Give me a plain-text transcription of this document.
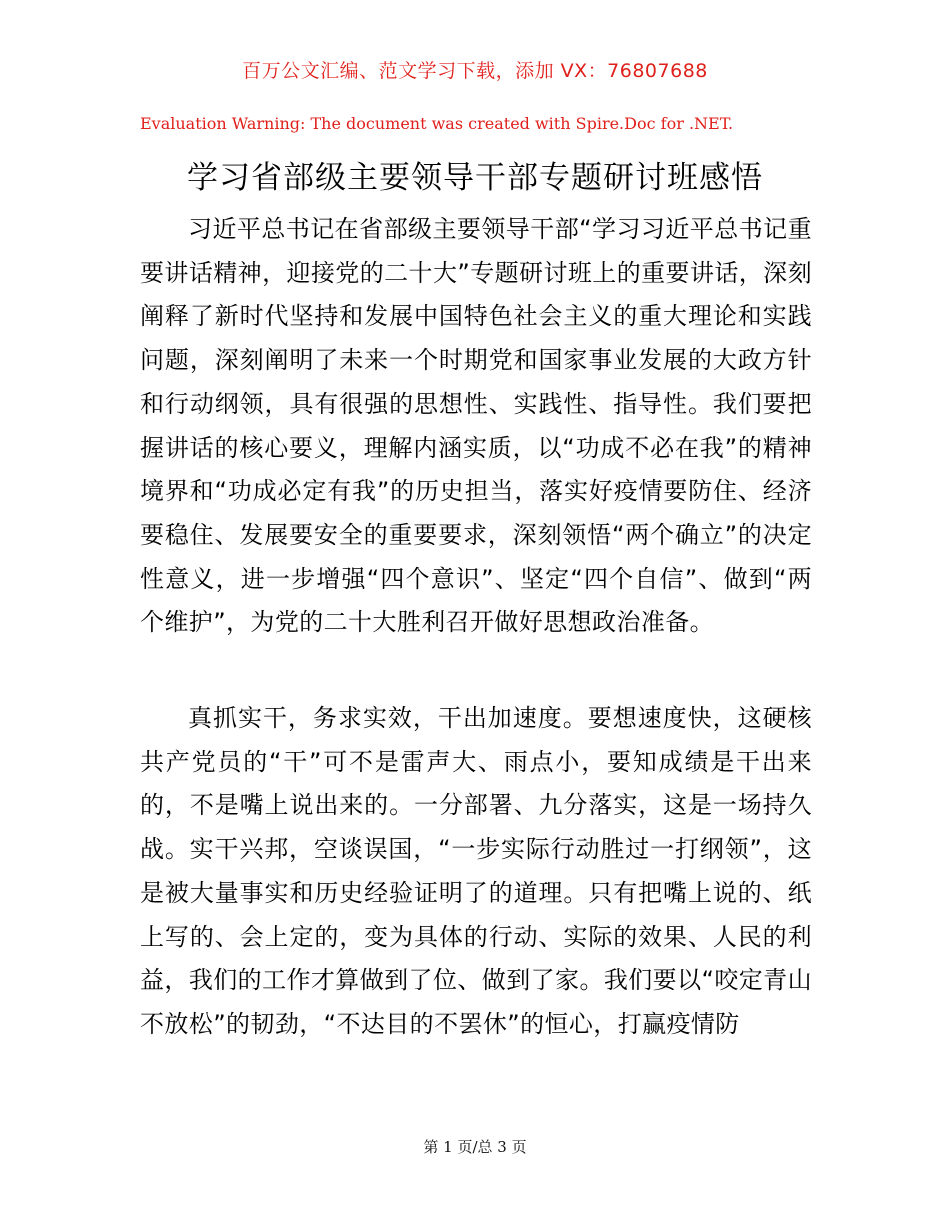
百万公文汇编、范文学习下载，添加 VX：76807688
Evaluation Warning: The document was created with Spire.Doc for .NET.
学习省部级主要领导干部专题研讨班感悟

习近平总书记在省部级主要领导干部“学习习近平总书记重要讲话精神，迎接党的二十大”专题研讨班上的重要讲话，深刻阐释了新时代坚持和发展中国特色社会主义的重大理论和实践问题，深刻阐明了未来一个时期党和国家事业发展的大政方针和行动纲领，具有很强的思想性、实践性、指导性。我们要把握讲话的核心要义，理解内涵实质，以“功成不必在我”的精神境界和“功成必定有我”的历史担当，落实好疫情要防住、经济要稳住、发展要安全的重要要求，深刻领悟“两个确立”的决定性意义，进一步增强“四个意识”、坚定“四个自信”、做到“两个维护”，为党的二十大胜利召开做好思想政治准备。

真抓实干，务求实效，干出加速度。要想速度快，这硬核共产党员的“干”可不是雷声大、雨点小，要知成绩是干出来的，不是嘴上说出来的。一分部署、九分落实，这是一场持久战。实干兴邦，空谈误国，“一步实际行动胜过一打纲领”，这是被大量事实和历史经验证明了的道理。只有把嘴上说的、纸上写的、会上定的，变为具体的行动、实际的效果、人民的利益，我们的工作才算做到了位、做到了家。我们要以“咬定青山不放松”的韧劲，“不达目的不罢休”的恒心，打赢疫情防

第 1 页/总 3 页
